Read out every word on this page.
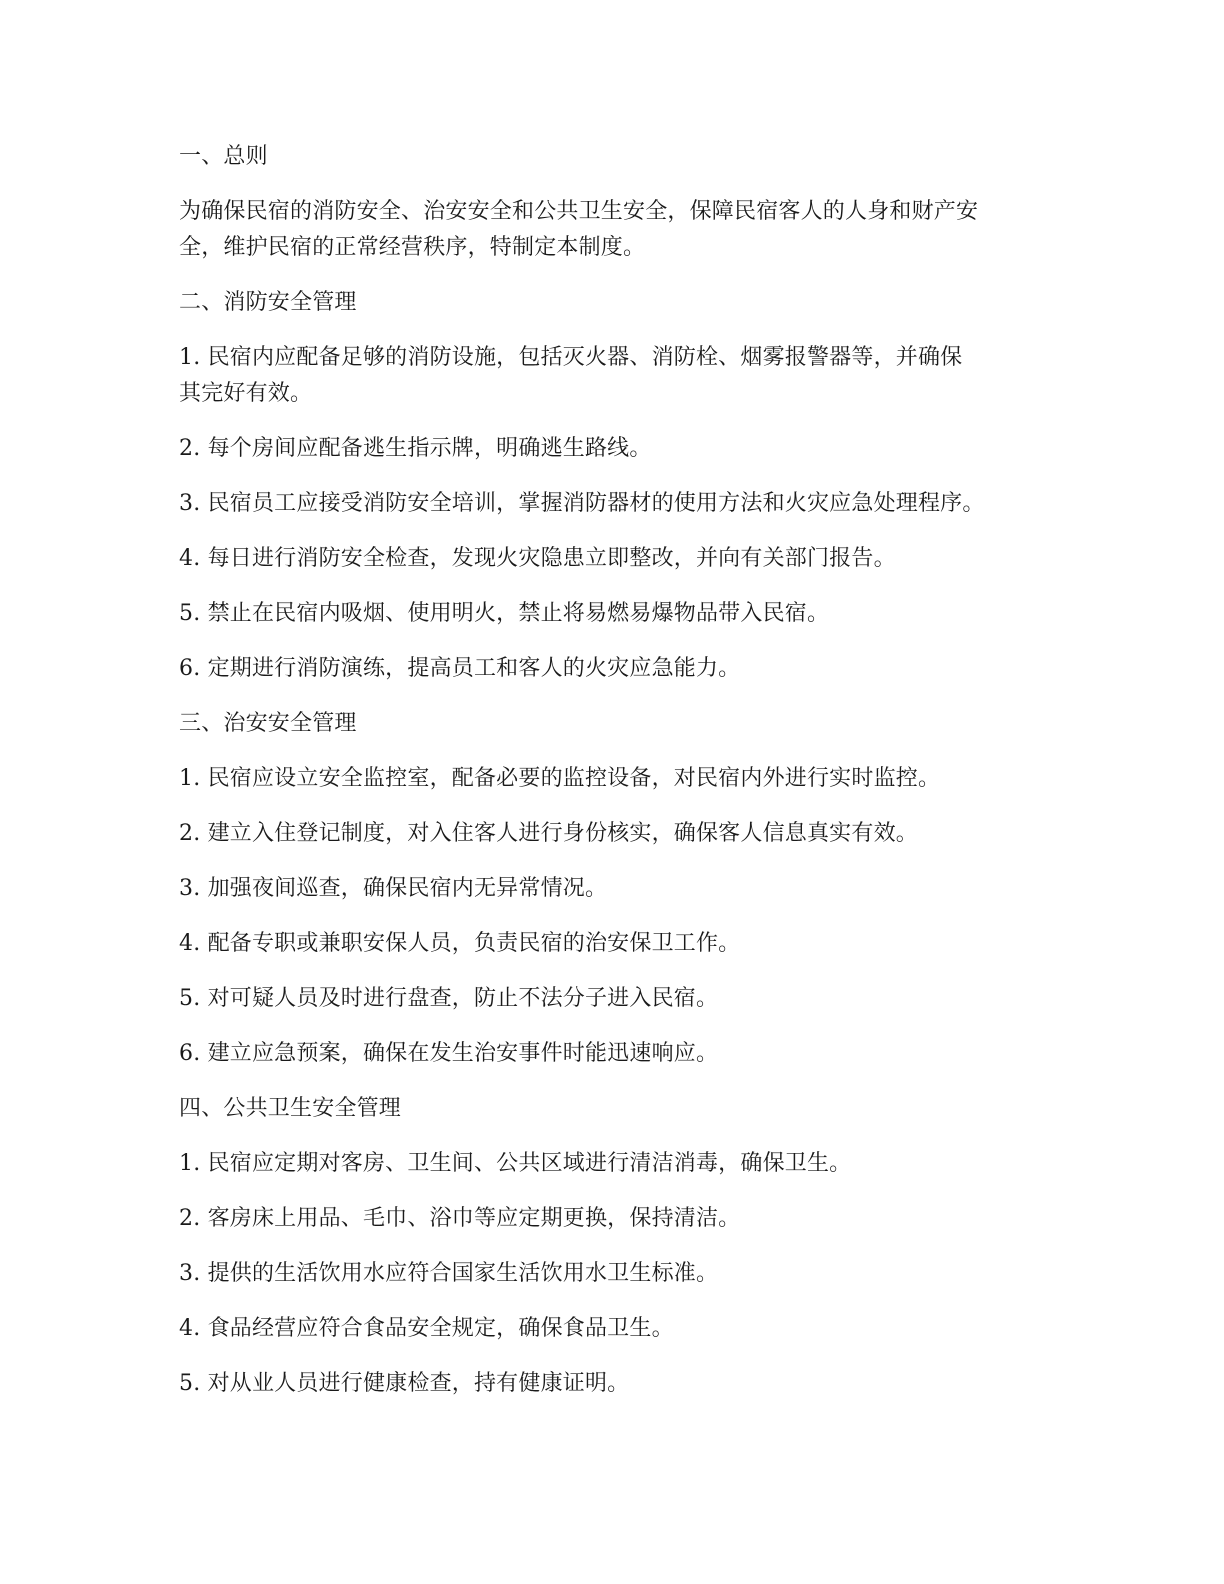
一、总则
为确保民宿的消防安全、治安安全和公共卫生安全，保障民宿客人的人身和财产安
全，维护民宿的正常经营秩序，特制定本制度。
二、消防安全管理
1. 民宿内应配备足够的消防设施，包括灭火器、消防栓、烟雾报警器等，并确保
其完好有效。
2. 每个房间应配备逃生指示牌，明确逃生路线。
3. 民宿员工应接受消防安全培训，掌握消防器材的使用方法和火灾应急处理程序。
4. 每日进行消防安全检查，发现火灾隐患立即整改，并向有关部门报告。
5. 禁止在民宿内吸烟、使用明火，禁止将易燃易爆物品带入民宿。
6. 定期进行消防演练，提高员工和客人的火灾应急能力。
三、治安安全管理
1. 民宿应设立安全监控室，配备必要的监控设备，对民宿内外进行实时监控。
2. 建立入住登记制度，对入住客人进行身份核实，确保客人信息真实有效。
3. 加强夜间巡查，确保民宿内无异常情况。
4. 配备专职或兼职安保人员，负责民宿的治安保卫工作。
5. 对可疑人员及时进行盘查，防止不法分子进入民宿。
6. 建立应急预案，确保在发生治安事件时能迅速响应。
四、公共卫生安全管理
1. 民宿应定期对客房、卫生间、公共区域进行清洁消毒，确保卫生。
2. 客房床上用品、毛巾、浴巾等应定期更换，保持清洁。
3. 提供的生活饮用水应符合国家生活饮用水卫生标准。
4. 食品经营应符合食品安全规定，确保食品卫生。
5. 对从业人员进行健康检查，持有健康证明。
